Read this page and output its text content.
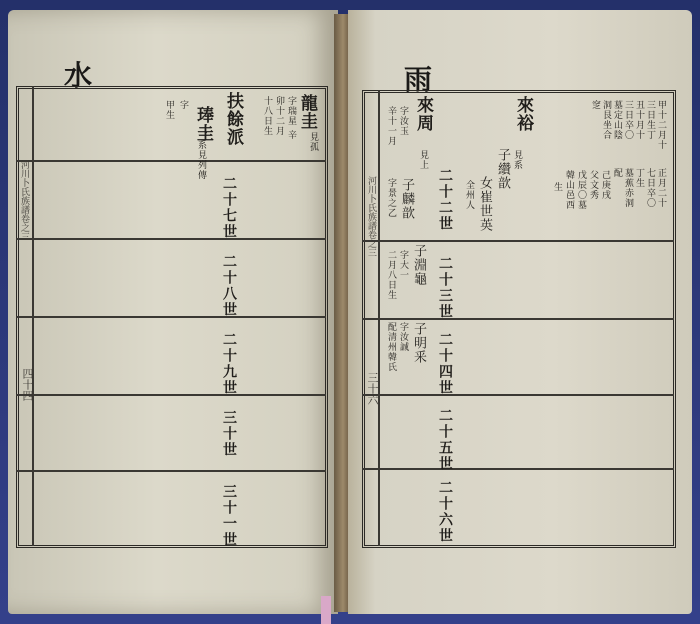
水
河川卜氏族譜卷之三
四十四
龍圭
字瑞星 辛
卯十二月
十八日生
見孤
琫圭
字
甲生
系見列傳
扶餘派
二十七世
二十八世
二十九世
三十世
三十一世
雨
河川卜氏族譜卷之三
三十六
甲十二月十
三日生丁
丑十月十
三日卒〇
墓定山陰
洞艮坐合
窆
正月二十
七日卒〇
丁生
墓蕉赤洞
配
己庚戌
父文秀
戊辰〇墓
韓山邑西
生
來裕
見系
子纘歆
女崔世英
全州人
來周
見上
字汝玉
辛十一月
子麟歆
字景之乙
子淵龜
字大一
二月八日生
子明釆
字汝誠
配清州韓氏
二十二世
二十三世
二十四世
二十五世
二十六世
